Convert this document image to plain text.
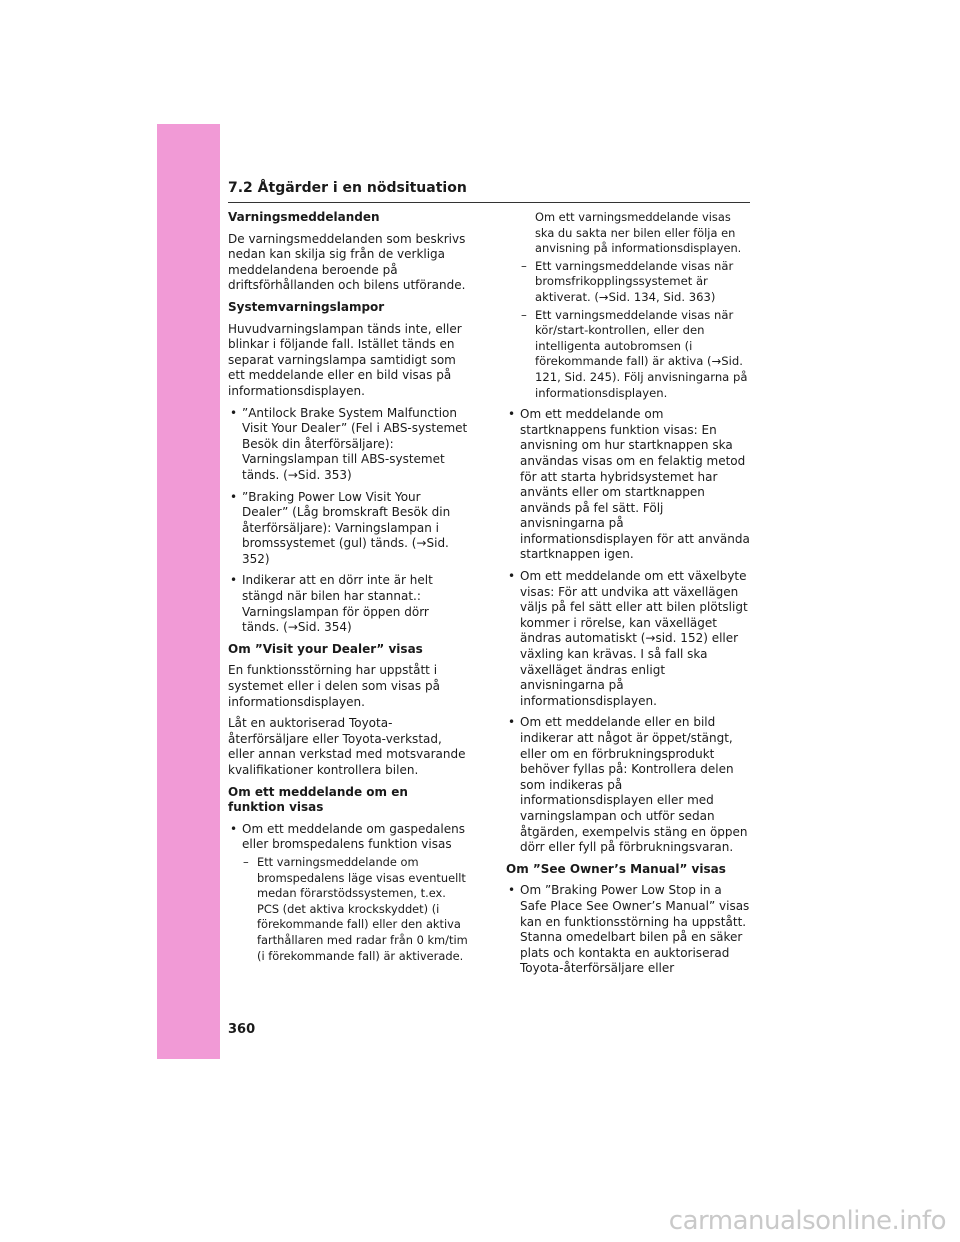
7.2 Åtgärder i en nödsituation
Varningsmeddelanden

De varningsmeddelanden som beskrivs nedan kan skilja sig från de verkliga meddelandena beroende på driftsförhållanden och bilens utförande.

Systemvarningslampor

Huvudvarningslampan tänds inte, eller blinkar i följande fall. Istället tänds en separat varningslampa samtidigt som ett meddelande eller en bild visas på informationsdisplayen.

• ”Antilock Brake System Malfunction Visit Your Dealer” (Fel i ABS-systemet Besök din återförsäljare): Varningslampan till ABS-systemet tänds. (→Sid. 353)
• ”Braking Power Low Visit Your Dealer” (Låg bromskraft Besök din återförsäljare): Varningslampan i bromssystemet (gul) tänds. (→Sid. 352)
• Indikerar att en dörr inte är helt stängd när bilen har stannat.: Varningslampan för öppen dörr tänds. (→Sid. 354)
Om ”Visit your Dealer” visas

En funktionsstörning har uppstått i systemet eller i delen som visas på informationsdisplayen.

Låt en auktoriserad Toyota-återförsäljare eller Toyota-verkstad, eller annan verkstad med motsvarande kvalifikationer kontrollera bilen.

Om ett meddelande om en funktion visas
• Om ett meddelande om gaspedalens eller bromspedalens funktion visas
– Ett varningsmeddelande om bromspedalens läge visas eventuellt medan förarstödssystemen, t.ex. PCS (det aktiva krockskyddet) (i förekommande fall) eller den aktiva farthållaren med radar från 0 km/tim (i förekommande fall) är aktiverade.
Om ett varningsmeddelande visas ska du sakta ner bilen eller följa en anvisning på informationsdisplayen.
– Ett varningsmeddelande visas när bromsfrikopplingssystemet är aktiverat. (→Sid. 134, Sid. 363)
– Ett varningsmeddelande visas när kör/start-kontrollen, eller den intelligenta autobromsen (i förekommande fall) är aktiva (→Sid. 121, Sid. 245). Följ anvisningarna på informationsdisplayen.
• Om ett meddelande om startknappens funktion visas: En anvisning om hur startknappen ska användas visas om en felaktig metod för att starta hybridsystemet har använts eller om startknappen används på fel sätt. Följ anvisningarna på informationsdisplayen för att använda startknappen igen.
• Om ett meddelande om ett växelbyte visas: För att undvika att växellägen väljs på fel sätt eller att bilen plötsligt kommer i rörelse, kan växelläget ändras automatiskt (→sid. 152) eller växling kan krävas. I så fall ska växelläget ändras enligt anvisningarna på informationsdisplayen.
• Om ett meddelande eller en bild indikerar att något är öppet/stängt, eller om en förbrukningsprodukt behöver fyllas på: Kontrollera delen som indikeras på informationsdisplayen eller med varningslampan och utför sedan åtgärden, exempelvis stäng en öppen dörr eller fyll på förbrukningsvaran.
Om ”See Owner’s Manual” visas
• Om ”Braking Power Low Stop in a Safe Place See Owner’s Manual” visas kan en funktionsstörning ha uppstått. Stanna omedelbart bilen på en säker plats och kontakta en auktoriserad Toyota-återförsäljare eller
360
carmanualsonline.info
